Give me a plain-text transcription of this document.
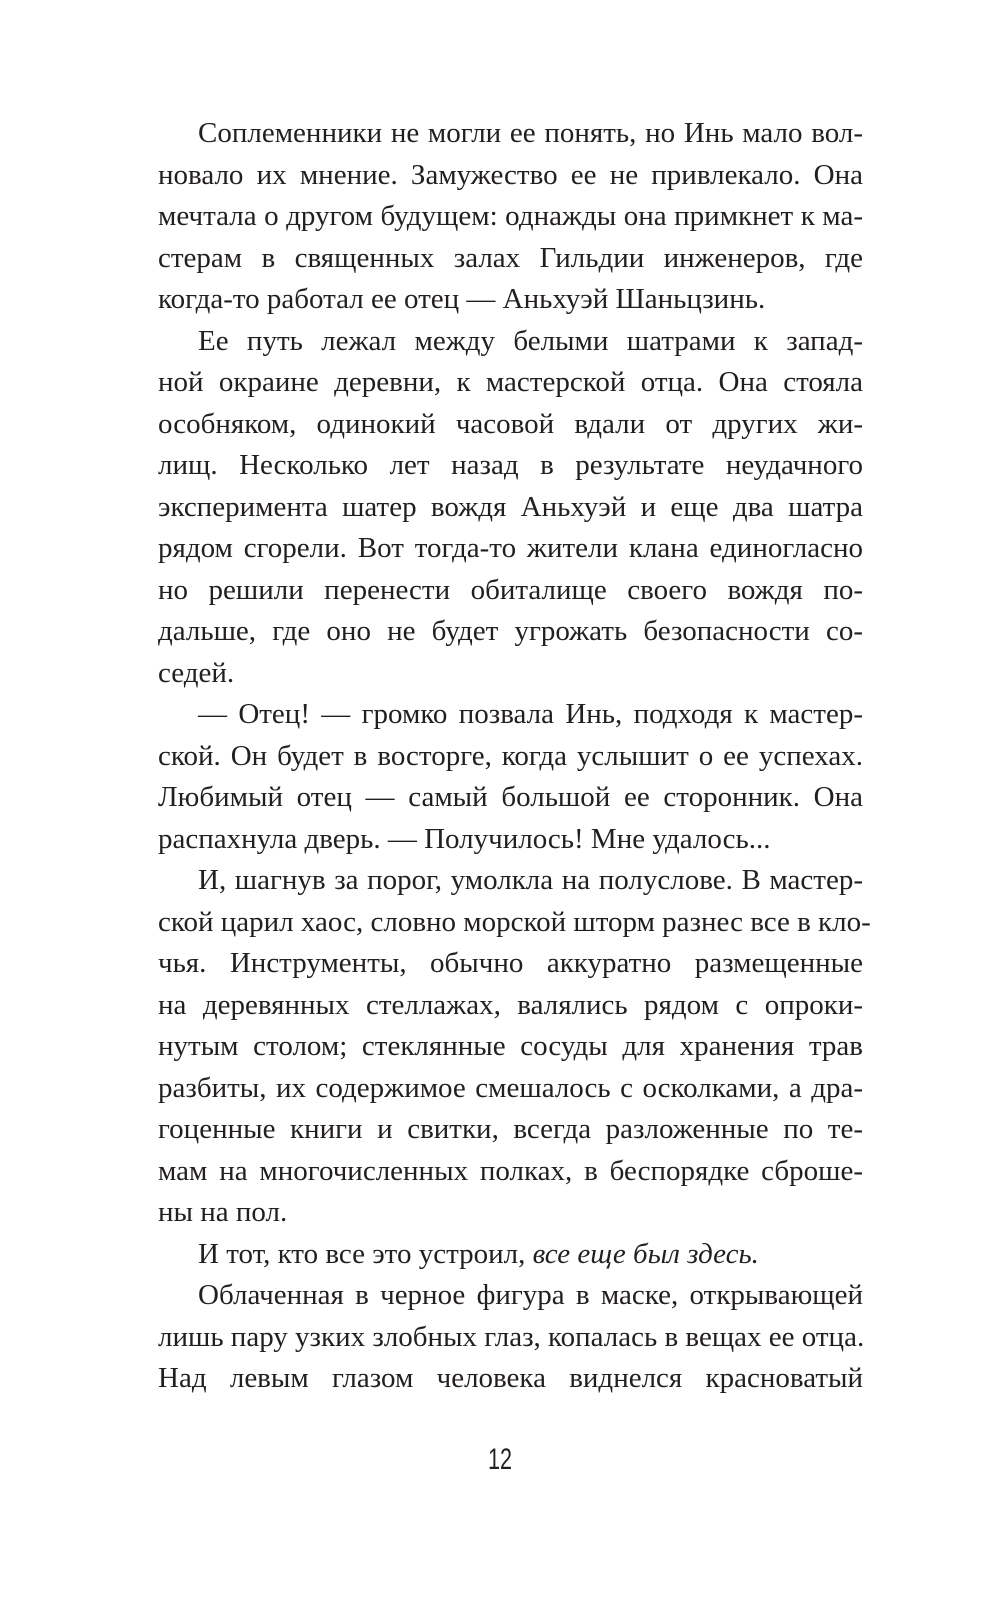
Соплеменники не могли ее понять, но Инь мало вол-
новало их мнение. Замужество ее не привлекало. Она
мечтала о другом будущем: однажды она примкнет к ма-
стерам в священных залах Гильдии инженеров, где
когда-то работал ее отец — Аньхуэй Шаньцзинь.

Ее путь лежал между белыми шатрами к запад-
ной окраине деревни, к мастерской отца. Она стояла
особняком, одинокий часовой вдали от других жи-
лищ. Несколько лет назад в результате неудачного
эксперимента шатер вождя Аньхуэй и еще два шатра
рядом сгорели. Вот тогда-то жители клана единогласно
но решили перенести обиталище своего вождя по-
дальше, где оно не будет угрожать безопасности со-
седей.

— Отец! — громко позвала Инь, подходя к мастер-
ской. Он будет в восторге, когда услышит о ее успехах.
Любимый отец — самый большой ее сторонник. Она
распахнула дверь. — Получилось! Мне удалось...

И, шагнув за порог, умолкла на полуслове. В мастер-
ской царил хаос, словно морской шторм разнес все в кло-
чья. Инструменты, обычно аккуратно размещенные
на деревянных стеллажах, валялись рядом с опроки-
нутым столом; стеклянные сосуды для хранения трав
разбиты, их содержимое смешалось с осколками, а дра-
гоценные книги и свитки, всегда разложенные по те-
мам на многочисленных полках, в беспорядке сброше-
ны на пол.

И тот, кто все это устроил, все еще был здесь.

Облаченная в черное фигура в маске, открывающей
лишь пару узких злобных глаз, копалась в вещах ее отца.
Над левым глазом человека виднелся красноватый

12
